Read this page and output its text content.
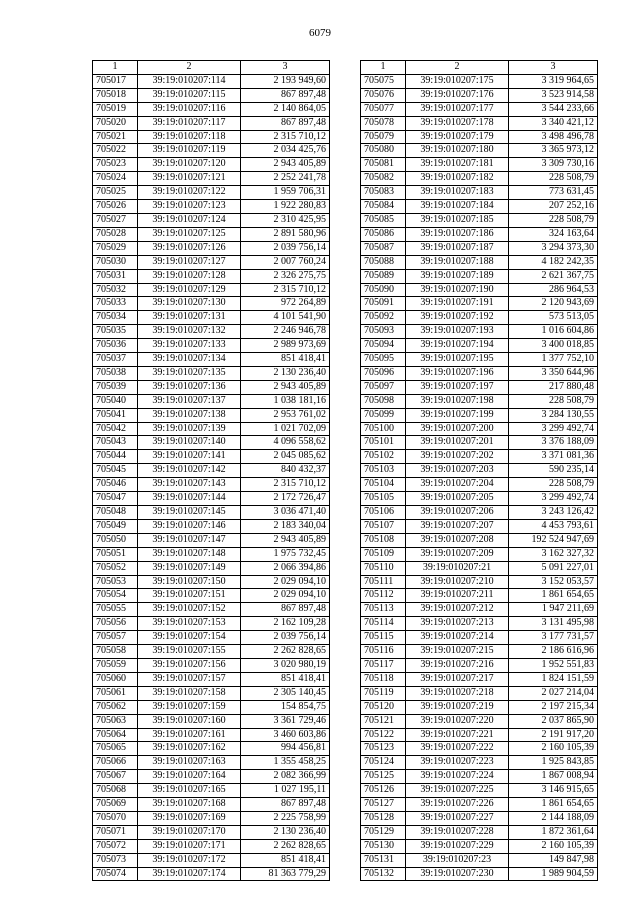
6079
1	2	3
705017	39:19:010207:114	2 193 949,60
705018	39:19:010207:115	867 897,48
705019	39:19:010207:116	2 140 864,05
705020	39:19:010207:117	867 897,48
705021	39:19:010207:118	2 315 710,12
705022	39:19:010207:119	2 034 425,76
705023	39:19:010207:120	2 943 405,89
705024	39:19:010207:121	2 252 241,78
705025	39:19:010207:122	1 959 706,31
705026	39:19:010207:123	1 922 280,83
705027	39:19:010207:124	2 310 425,95
705028	39:19:010207:125	2 891 580,96
705029	39:19:010207:126	2 039 756,14
705030	39:19:010207:127	2 007 760,24
705031	39:19:010207:128	2 326 275,75
705032	39:19:010207:129	2 315 710,12
705033	39:19:010207:130	972 264,89
705034	39:19:010207:131	4 101 541,90
705035	39:19:010207:132	2 246 946,78
705036	39:19:010207:133	2 989 973,69
705037	39:19:010207:134	851 418,41
705038	39:19:010207:135	2 130 236,40
705039	39:19:010207:136	2 943 405,89
705040	39:19:010207:137	1 038 181,16
705041	39:19:010207:138	2 953 761,02
705042	39:19:010207:139	1 021 702,09
705043	39:19:010207:140	4 096 558,62
705044	39:19:010207:141	2 045 085,62
705045	39:19:010207:142	840 432,37
705046	39:19:010207:143	2 315 710,12
705047	39:19:010207:144	2 172 726,47
705048	39:19:010207:145	3 036 471,40
705049	39:19:010207:146	2 183 340,04
705050	39:19:010207:147	2 943 405,89
705051	39:19:010207:148	1 975 732,45
705052	39:19:010207:149	2 066 394,86
705053	39:19:010207:150	2 029 094,10
705054	39:19:010207:151	2 029 094,10
705055	39:19:010207:152	867 897,48
705056	39:19:010207:153	2 162 109,28
705057	39:19:010207:154	2 039 756,14
705058	39:19:010207:155	2 262 828,65
705059	39:19:010207:156	3 020 980,19
705060	39:19:010207:157	851 418,41
705061	39:19:010207:158	2 305 140,45
705062	39:19:010207:159	154 854,75
705063	39:19:010207:160	3 361 729,46
705064	39:19:010207:161	3 460 603,86
705065	39:19:010207:162	994 456,81
705066	39:19:010207:163	1 355 458,25
705067	39:19:010207:164	2 082 366,99
705068	39:19:010207:165	1 027 195,11
705069	39:19:010207:168	867 897,48
705070	39:19:010207:169	2 225 758,99
705071	39:19:010207:170	2 130 236,40
705072	39:19:010207:171	2 262 828,65
705073	39:19:010207:172	851 418,41
705074	39:19:010207:174	81 363 779,29
1	2	3
705075	39:19:010207:175	3 319 964,65
705076	39:19:010207:176	3 523 914,58
705077	39:19:010207:177	3 544 233,66
705078	39:19:010207:178	3 340 421,12
705079	39:19:010207:179	3 498 496,78
705080	39:19:010207:180	3 365 973,12
705081	39:19:010207:181	3 309 730,16
705082	39:19:010207:182	228 508,79
705083	39:19:010207:183	773 631,45
705084	39:19:010207:184	207 252,16
705085	39:19:010207:185	228 508,79
705086	39:19:010207:186	324 163,64
705087	39:19:010207:187	3 294 373,30
705088	39:19:010207:188	4 182 242,35
705089	39:19:010207:189	2 621 367,75
705090	39:19:010207:190	286 964,53
705091	39:19:010207:191	2 120 943,69
705092	39:19:010207:192	573 513,05
705093	39:19:010207:193	1 016 604,86
705094	39:19:010207:194	3 400 018,85
705095	39:19:010207:195	1 377 752,10
705096	39:19:010207:196	3 350 644,96
705097	39:19:010207:197	217 880,48
705098	39:19:010207:198	228 508,79
705099	39:19:010207:199	3 284 130,55
705100	39:19:010207:200	3 299 492,74
705101	39:19:010207:201	3 376 188,09
705102	39:19:010207:202	3 371 081,36
705103	39:19:010207:203	590 235,14
705104	39:19:010207:204	228 508,79
705105	39:19:010207:205	3 299 492,74
705106	39:19:010207:206	3 243 126,42
705107	39:19:010207:207	4 453 793,61
705108	39:19:010207:208	192 524 947,69
705109	39:19:010207:209	3 162 327,32
705110	39:19:010207:21	5 091 227,01
705111	39:19:010207:210	3 152 053,57
705112	39:19:010207:211	1 861 654,65
705113	39:19:010207:212	1 947 211,69
705114	39:19:010207:213	3 131 495,98
705115	39:19:010207:214	3 177 731,57
705116	39:19:010207:215	2 186 616,96
705117	39:19:010207:216	1 952 551,83
705118	39:19:010207:217	1 824 151,59
705119	39:19:010207:218	2 027 214,04
705120	39:19:010207:219	2 197 215,34
705121	39:19:010207:220	2 037 865,90
705122	39:19:010207:221	2 191 917,20
705123	39:19:010207:222	2 160 105,39
705124	39:19:010207:223	1 925 843,85
705125	39:19:010207:224	1 867 008,94
705126	39:19:010207:225	3 146 915,65
705127	39:19:010207:226	1 861 654,65
705128	39:19:010207:227	2 144 188,09
705129	39:19:010207:228	1 872 361,64
705130	39:19:010207:229	2 160 105,39
705131	39:19:010207:23	149 847,98
705132	39:19:010207:230	1 989 904,59
